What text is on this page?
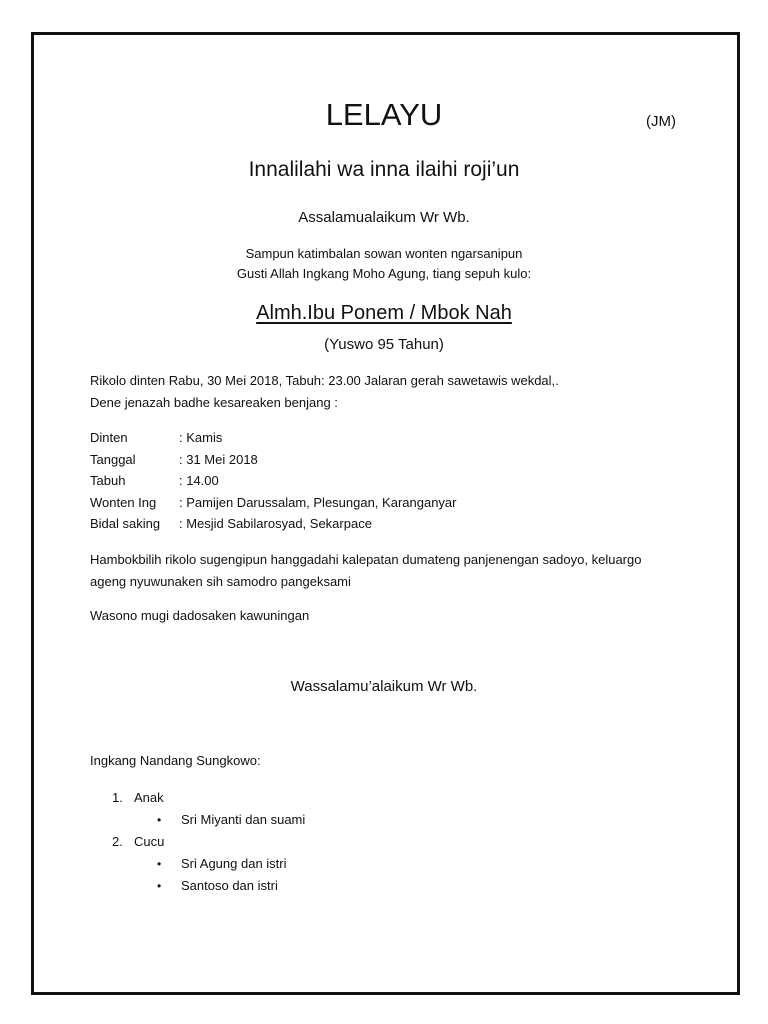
LELAYU	(JM)
Innalilahi wa inna ilaihi roji’un
Assalamualaikum Wr Wb.
Sampun katimbalan sowan wonten ngarsanipun
Gusti Allah Ingkang Moho Agung, tiang sepuh kulo:
Almh.Ibu Ponem / Mbok Nah
(Yuswo 95 Tahun)
Rikolo dinten Rabu, 30 Mei 2018, Tabuh: 23.00 Jalaran gerah sawetawis wekdal,.
Dene jenazah badhe kesareaken benjang :
Dinten	: Kamis
Tanggal	: 31 Mei 2018
Tabuh	: 14.00
Wonten Ing	: Pamijen Darussalam, Plesungan, Karanganyar
Bidal saking	: Mesjid Sabilarosyad, Sekarpace
Hambokbilih rikolo sugengipun hanggadahi kalepatan dumateng panjenengan sadoyo, keluargo
ageng nyuwunaken sih samodro pangeksami
Wasono mugi dadosaken kawuningan
Wassalamu’alaikum Wr Wb.
Ingkang Nandang Sungkowo:
1. Anak
• Sri Miyanti dan suami
2. Cucu
• Sri Agung dan istri
• Santoso dan istri
